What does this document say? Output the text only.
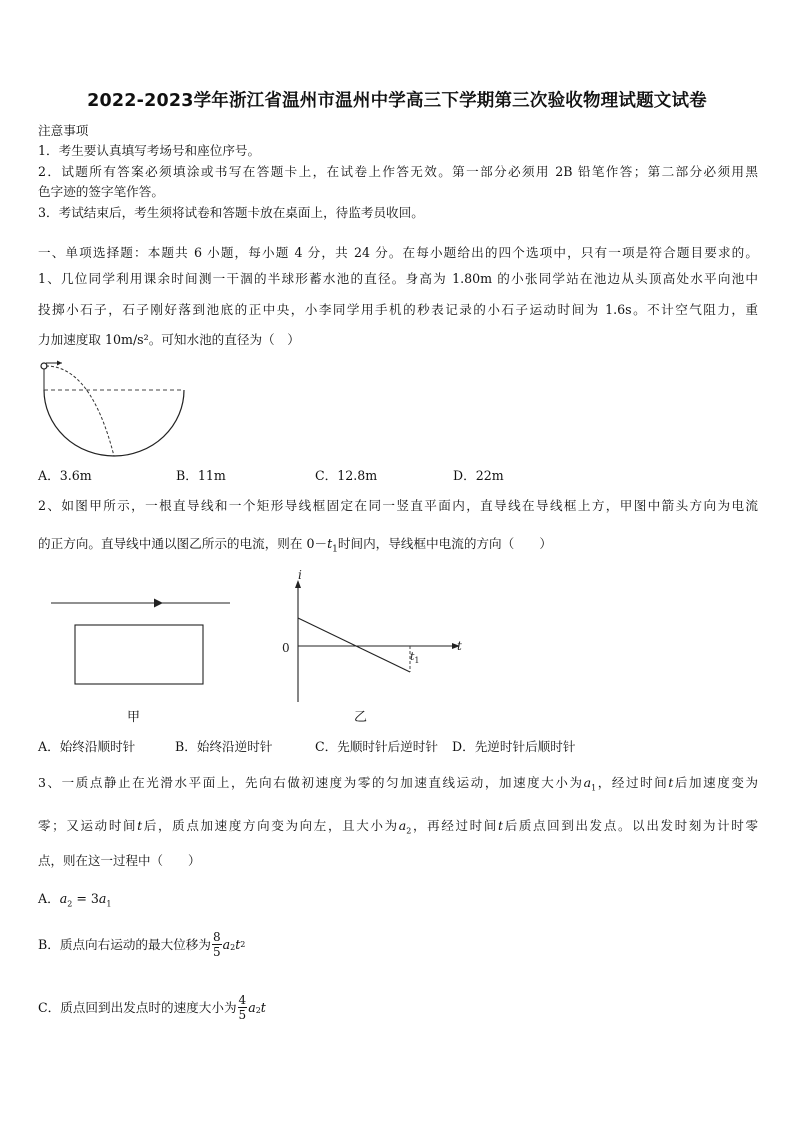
2022-2023学年浙江省温州市温州中学高三下学期第三次验收物理试题文试卷
注意事项
1．考生要认真填写考场号和座位序号。
2．试题所有答案必须填涂或书写在答题卡上，在试卷上作答无效。第一部分必须用 2B 铅笔作答；第二部分必须用黑
色字迹的签字笔作答。
3．考试结束后，考生须将试卷和答题卡放在桌面上，待监考员收回。
一、单项选择题：本题共 6 小题，每小题 4 分，共 24 分。在每小题给出的四个选项中，只有一项是符合题目要求的。
1、几位同学利用课余时间测一干涸的半球形蓄水池的直径。身高为 1.80m 的小张同学站在池边从头顶高处水平向池中
投掷小石子，石子刚好落到池底的正中央，小李同学用手机的秒表记录的小石子运动时间为 1.6s。不计空气阻力，重
力加速度取 10m/s²。可知水池的直径为（　）
A．3.6m	B．11m	C．12.8m	D．22m
2、如图甲所示，一根直导线和一个矩形导线框固定在同一竖直平面内，直导线在导线框上方，甲图中箭头方向为电流
的正方向。直导线中通以图乙所示的电流，则在 $0-t_1$时间内，导线框中电流的方向（　　）
甲
i
t
0
$t_1$
乙
A．始终沿顺时针	B．始终沿逆时针	C．先顺时针后逆时针 D．先逆时针后顺时针
3、一质点静止在光滑水平面上，先向右做初速度为零的匀加速直线运动，加速度大小为$a_1$，经过时间t后加速度变为
零；又运动时间t后，质点加速度方向变为向左，且大小为$a_2$，再经过时间t后质点回到出发点。以出发时刻为计时零
点，则在这一过程中（　　）
A．$a_2 = 3a_1$
B．质点向右运动的最大位移为 $\frac{8}{5} a_2$ t 2
C．质点回到出发点时的速度大小为 $\frac{4}{5} a_2$ t
